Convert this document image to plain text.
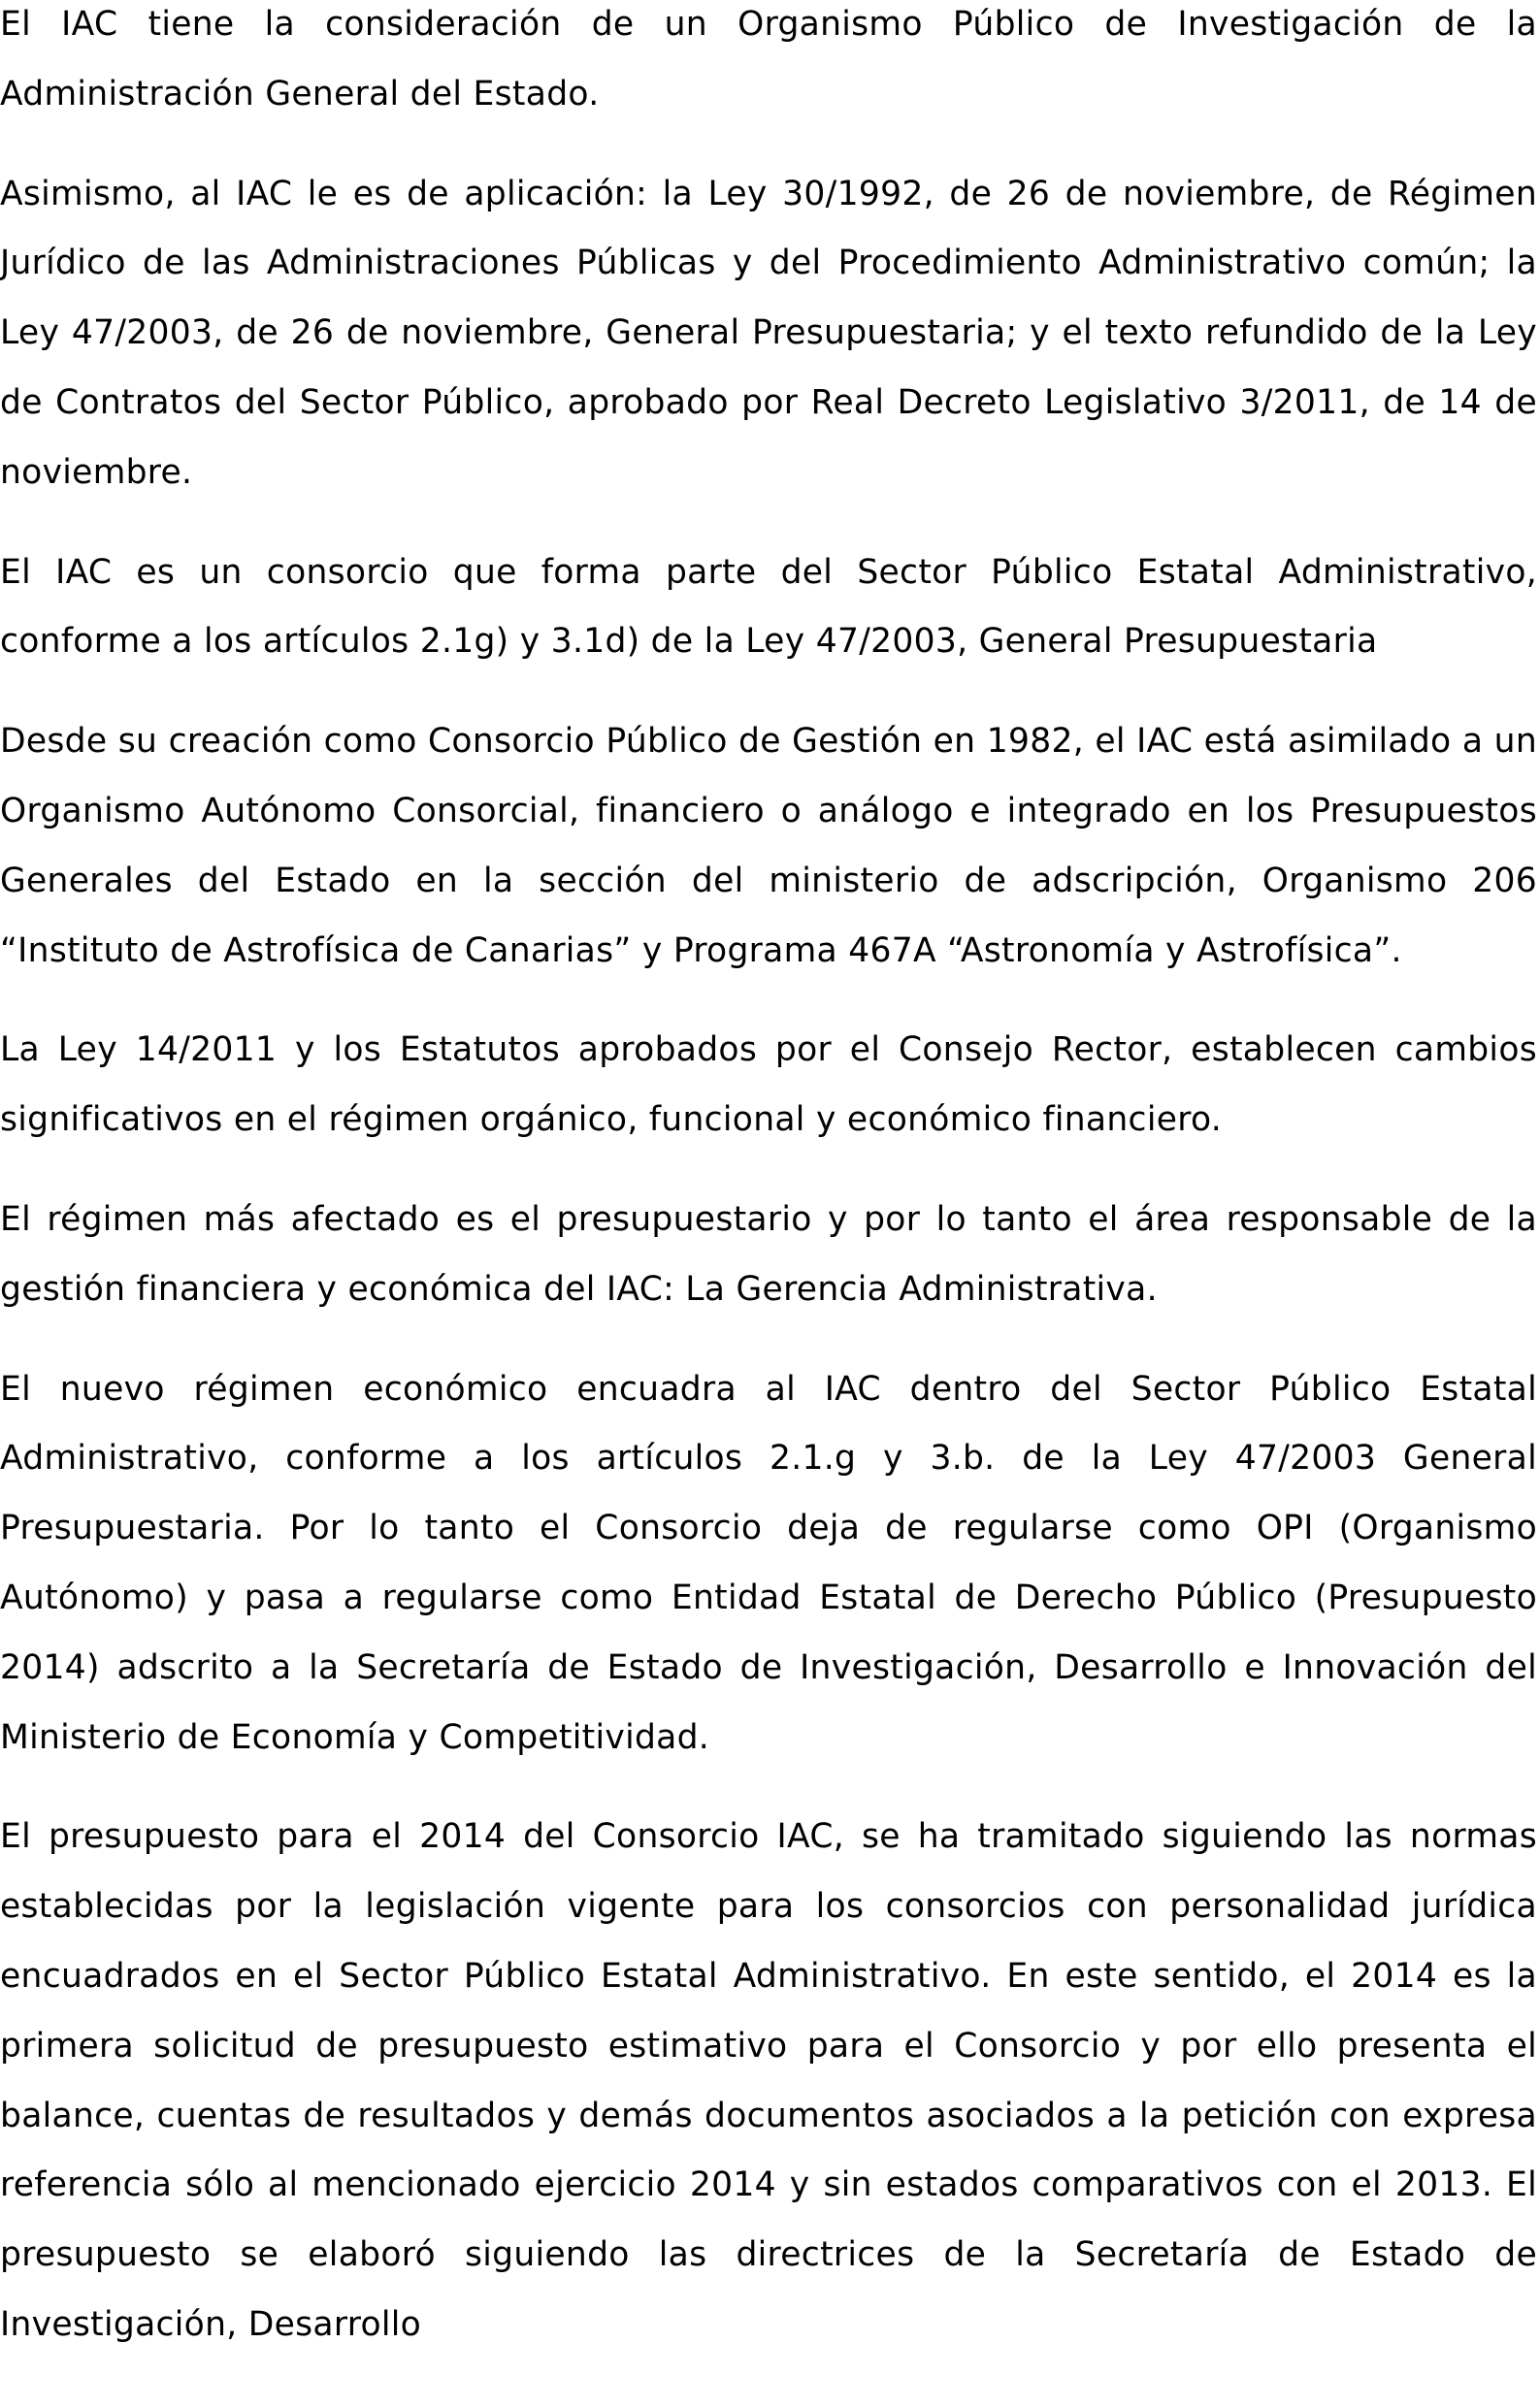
El IAC tiene la consideración de un Organismo Público de Investigación de la Administración General del Estado.

Asimismo, al IAC le es de aplicación: la Ley 30/1992, de 26 de noviembre, de Régimen Jurídico de las Administraciones Públicas y del Procedimiento Administrativo común; la Ley 47/2003, de 26 de noviembre, General Presupuestaria; y el texto refundido de la Ley de Contratos del Sector Público, aprobado por Real Decreto Legislativo 3/2011, de 14 de noviembre.

El IAC es un consorcio que forma parte del Sector Público Estatal Administrativo, conforme a los artículos 2.1g) y 3.1d) de la Ley 47/2003, General Presupuestaria

Desde su creación como Consorcio Público de Gestión en 1982, el IAC está asimilado a un Organismo Autónomo Consorcial, financiero o análogo e integrado en los Presupuestos Generales del Estado en la sección del ministerio de adscripción, Organismo 206 “Instituto de Astrofísica de Canarias” y Programa 467A “Astronomía y Astrofísica”.

La Ley 14/2011 y los Estatutos aprobados por el Consejo Rector, establecen cambios significativos en el régimen orgánico, funcional y económico financiero.

El régimen más afectado es el presupuestario y por lo tanto el área responsable de la gestión financiera y económica del IAC: La Gerencia Administrativa.

El nuevo régimen económico encuadra al IAC dentro del Sector Público Estatal Administrativo, conforme a los artículos 2.1.g y 3.b. de la Ley 47/2003 General Presupuestaria. Por lo tanto el Consorcio deja de regularse como OPI (Organismo Autónomo) y pasa a regularse como Entidad Estatal de Derecho Público (Presupuesto 2014) adscrito a la Secretaría de Estado de Investigación, Desarrollo e Innovación del Ministerio de Economía y Competitividad.

El presupuesto para el 2014 del Consorcio IAC, se ha tramitado siguiendo las normas establecidas por la legislación vigente para los consorcios con personalidad jurídica encuadrados en el Sector Público Estatal Administrativo. En este sentido, el 2014 es la primera solicitud de presupuesto estimativo para el Consorcio y por ello presenta el balance, cuentas de resultados y demás documentos asociados a la petición con expresa referencia sólo al mencionado ejercicio 2014 y sin estados comparativos con el 2013. El presupuesto se elaboró siguiendo las directrices de la Secretaría de Estado de Investigación, Desarrollo
